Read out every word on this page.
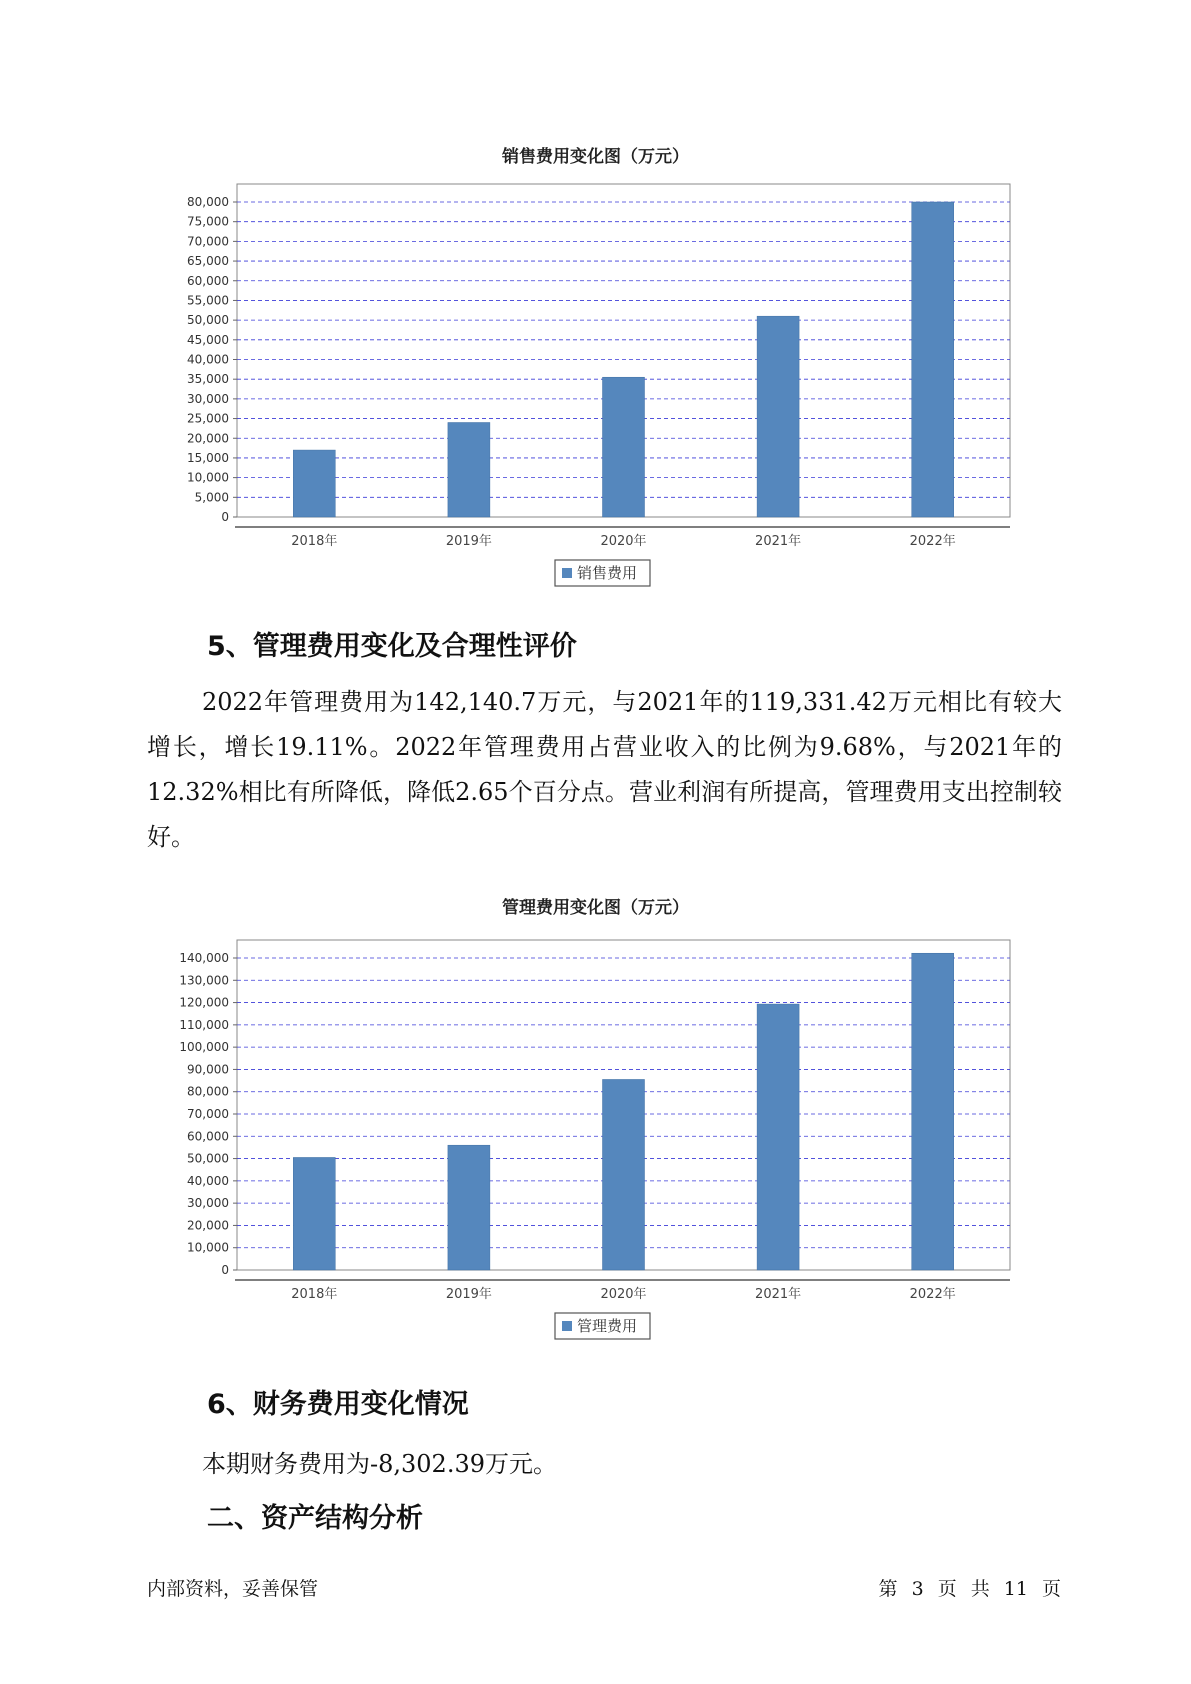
销售费用变化图（万元）
0
5,000
10,000
15,000
20,000
25,000
30,000
35,000
40,000
45,000
50,000
55,000
60,000
65,000
70,000
75,000
80,000
2018年	2019年	2020年	2021年	2022年
销售费用
5、管理费用变化及合理性评价

2022年管理费用为142,140.7万元，与2021年的119,331.42万元相比有较大增长，增长19.11%。2022年管理费用占营业收入的比例为9.68%，与2021年的12.32%相比有所降低，降低2.65个百分点。营业利润有所提高，管理费用支出控制较好。

管理费用变化图（万元）
0
10,000
20,000
30,000
40,000
50,000
60,000
70,000
80,000
90,000
100,000
110,000
120,000
130,000
140,000
2018年	2019年	2020年	2021年	2022年
管理费用
6、财务费用变化情况

本期财务费用为-8,302.39万元。

二、资产结构分析
内部资料，妥善保管	第 3 页 共 11 页
